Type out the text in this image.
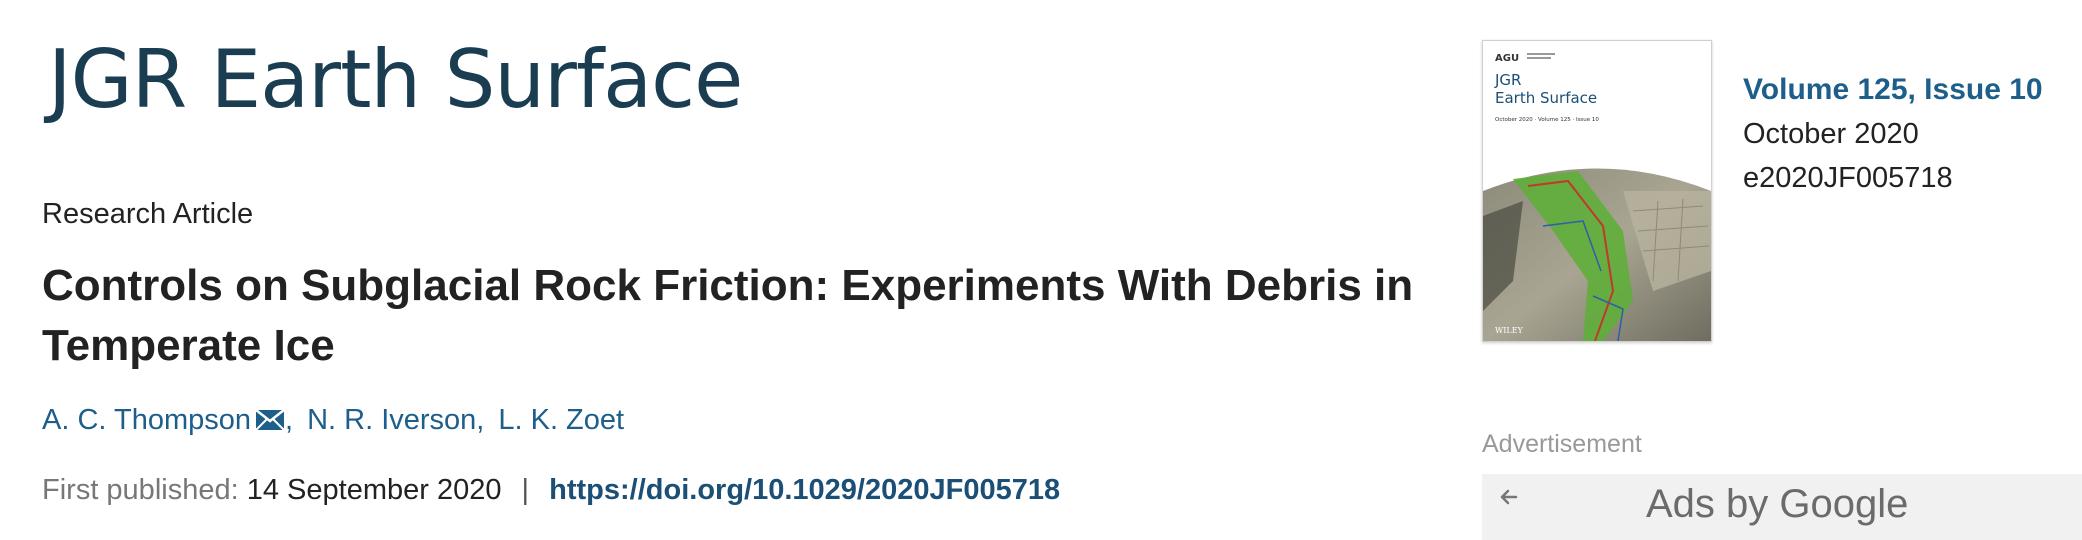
JGR Earth Surface
Research Article
Controls on Subglacial Rock Friction: Experiments With Debris in Temperate Ice
A. C. Thompson , N. R. Iverson, L. K. Zoet
First published: 14 September 2020 | https://doi.org/10.1029/2020JF005718
AGU
JGR
Earth Surface
October 2020 · Volume 125 · Issue 10
WILEY
Volume 125, Issue 10
October 2020
e2020JF005718
Advertisement
Ads by Google
